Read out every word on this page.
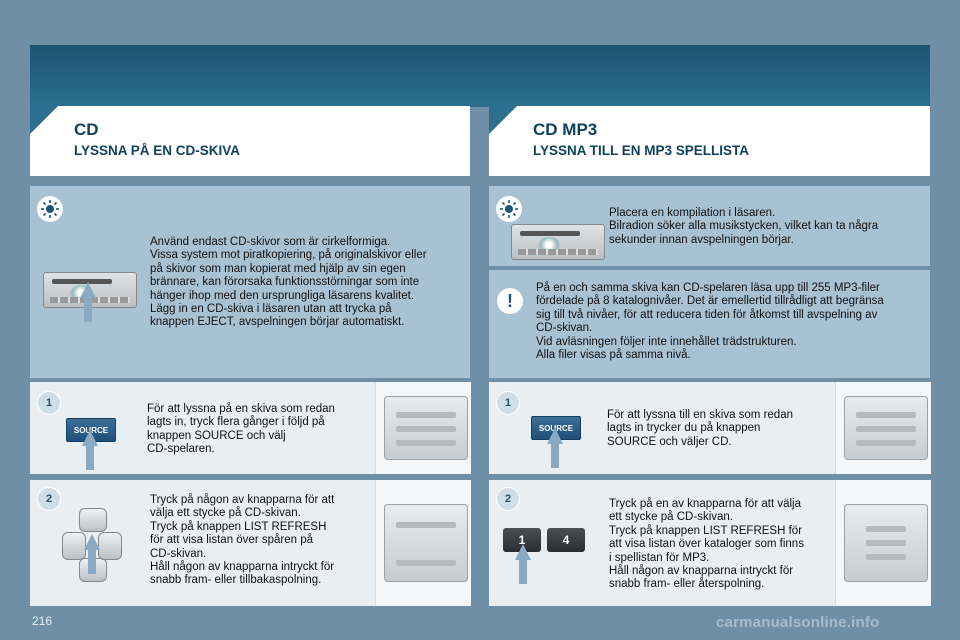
CD
LYSSNA PÅ EN CD-SKIVA
CD MP3
LYSSNA TILL EN MP3 SPELLISTA
Använd endast CD-skivor som är cirkelformiga.
Vissa system mot piratkopiering, på originalskivor eller
på skivor som man kopierat med hjälp av sin egen
brännare, kan förorsaka funktionsstörningar som inte
hänger ihop med den ursprungliga läsarens kvalitet.
Lägg in en CD-skiva i läsaren utan att trycka på
knappen EJECT, avspelningen börjar automatiskt.
1
SOURCE
För att lyssna på en skiva som redan
lagts in, tryck flera gånger i följd på
knappen SOURCE och välj
CD-spelaren.
2	Tryck på någon av knapparna för att
välja ett stycke på CD-skivan.
Tryck på knappen LIST REFRESH
för att visa listan över spåren på
CD-skivan.
Håll någon av knapparna intryckt för
snabb fram- eller tillbakaspolning.
Placera en kompilation i läsaren.
Bilradion söker alla musikstycken, vilket kan ta några
sekunder innan avspelningen börjar.
!
På en och samma skiva kan CD-spelaren läsa upp till 255 MP3-filer
fördelade på 8 katalognivåer. Det är emellertid tillrådligt att begränsa
sig till två nivåer, för att reducera tiden för åtkomst till avspelning av
CD-skivan.
Vid avläsningen följer inte innehållet trädstrukturen.
Alla filer visas på samma nivå.
1
SOURCE
För att lyssna till en skiva som redan
lagts in trycker du på knappen
SOURCE och väljer CD.
2
1	4
Tryck på en av knapparna för att välja
ett stycke på CD-skivan.
Tryck på knappen LIST REFRESH för
att visa listan över kataloger som finns
i spellistan för MP3.
Håll någon av knapparna intryckt för
snabb fram- eller återspolning.
216	carmanualsonline.info
